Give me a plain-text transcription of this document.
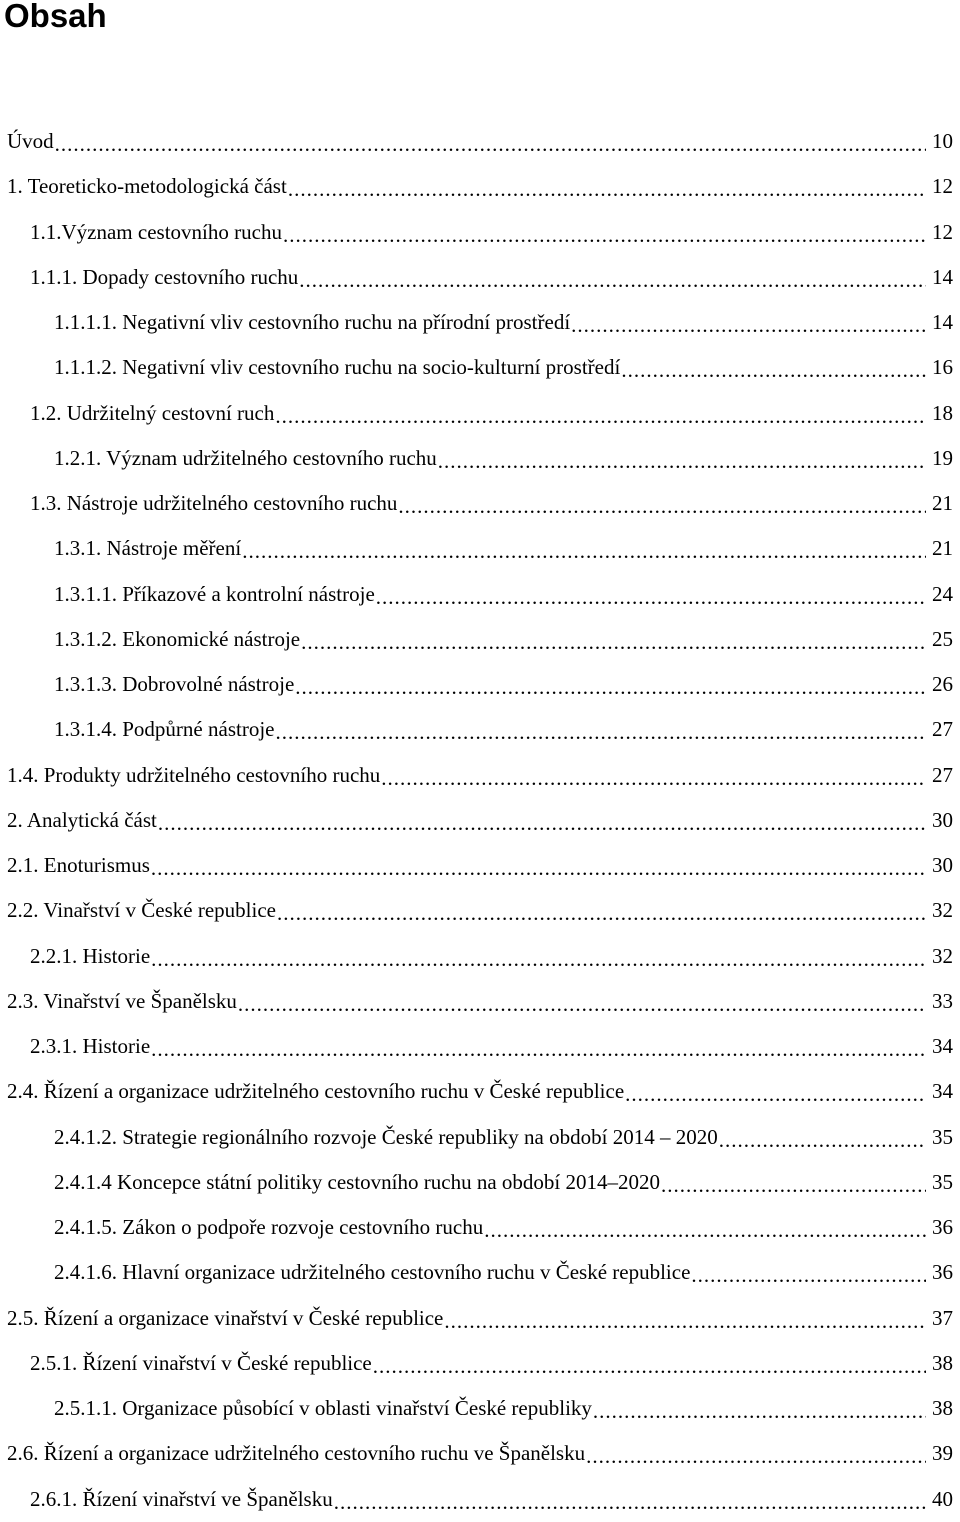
Obsah
Úvod .....	10
1. Teoreticko-metodologická část .....	12
1.1.Význam cestovního ruchu .....	12
1.1.1. Dopady cestovního ruchu .....	14
1.1.1.1. Negativní vliv cestovního ruchu na přírodní prostředí .....	14
1.1.1.2. Negativní vliv cestovního ruchu na socio-kulturní prostředí .....	16
1.2. Udržitelný cestovní ruch .....	18
1.2.1. Význam udržitelného cestovního ruchu .....	19
1.3. Nástroje udržitelného cestovního ruchu .....	21
1.3.1. Nástroje měření .....	21
1.3.1.1. Příkazové a kontrolní nástroje .....	24
1.3.1.2. Ekonomické nástroje .....	25
1.3.1.3. Dobrovolné nástroje .....	26
1.3.1.4. Podpůrné nástroje .....	27
1.4. Produkty udržitelného cestovního ruchu .....	27
2. Analytická část .....	30
2.1. Enoturismus .....	30
2.2. Vinařství v České republice .....	32
2.2.1. Historie .....	32
2.3. Vinařství ve Španělsku .....	33
2.3.1. Historie .....	34
2.4. Řízení a organizace udržitelného cestovního ruchu v České republice .....	34
2.4.1.2. Strategie regionálního rozvoje České republiky na období 2014 – 2020 .....	35
2.4.1.4 Koncepce státní politiky cestovního ruchu na období 2014–2020 .....	35
2.4.1.5. Zákon o podpoře rozvoje cestovního ruchu .....	36
2.4.1.6. Hlavní organizace udržitelného cestovního ruchu v České republice .....	36
2.5. Řízení a organizace vinařství v České republice .....	37
2.5.1. Řízení vinařství v České republice .....	38
2.5.1.1. Organizace působící v oblasti vinařství České republiky .....	38
2.6. Řízení a organizace udržitelného cestovního ruchu ve Španělsku .....	39
2.6.1. Řízení vinařství ve Španělsku .....	40
